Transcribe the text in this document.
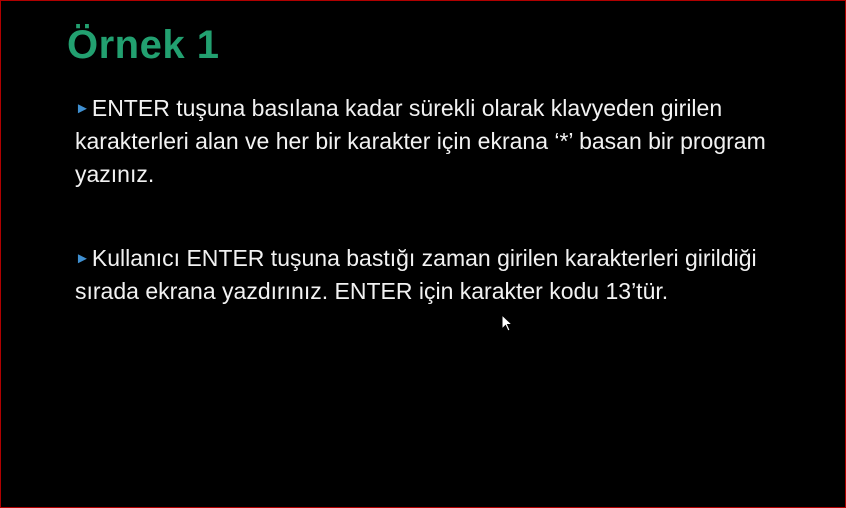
Örnek 1

►ENTER tuşuna basılana kadar sürekli olarak klavyeden girilen karakterleri alan ve her bir karakter için ekrana ‘*’ basan bir program yazınız.

►Kullanıcı ENTER tuşuna bastığı zaman girilen karakterleri girildiği sırada ekrana yazdırınız. ENTER için karakter kodu 13’tür.
